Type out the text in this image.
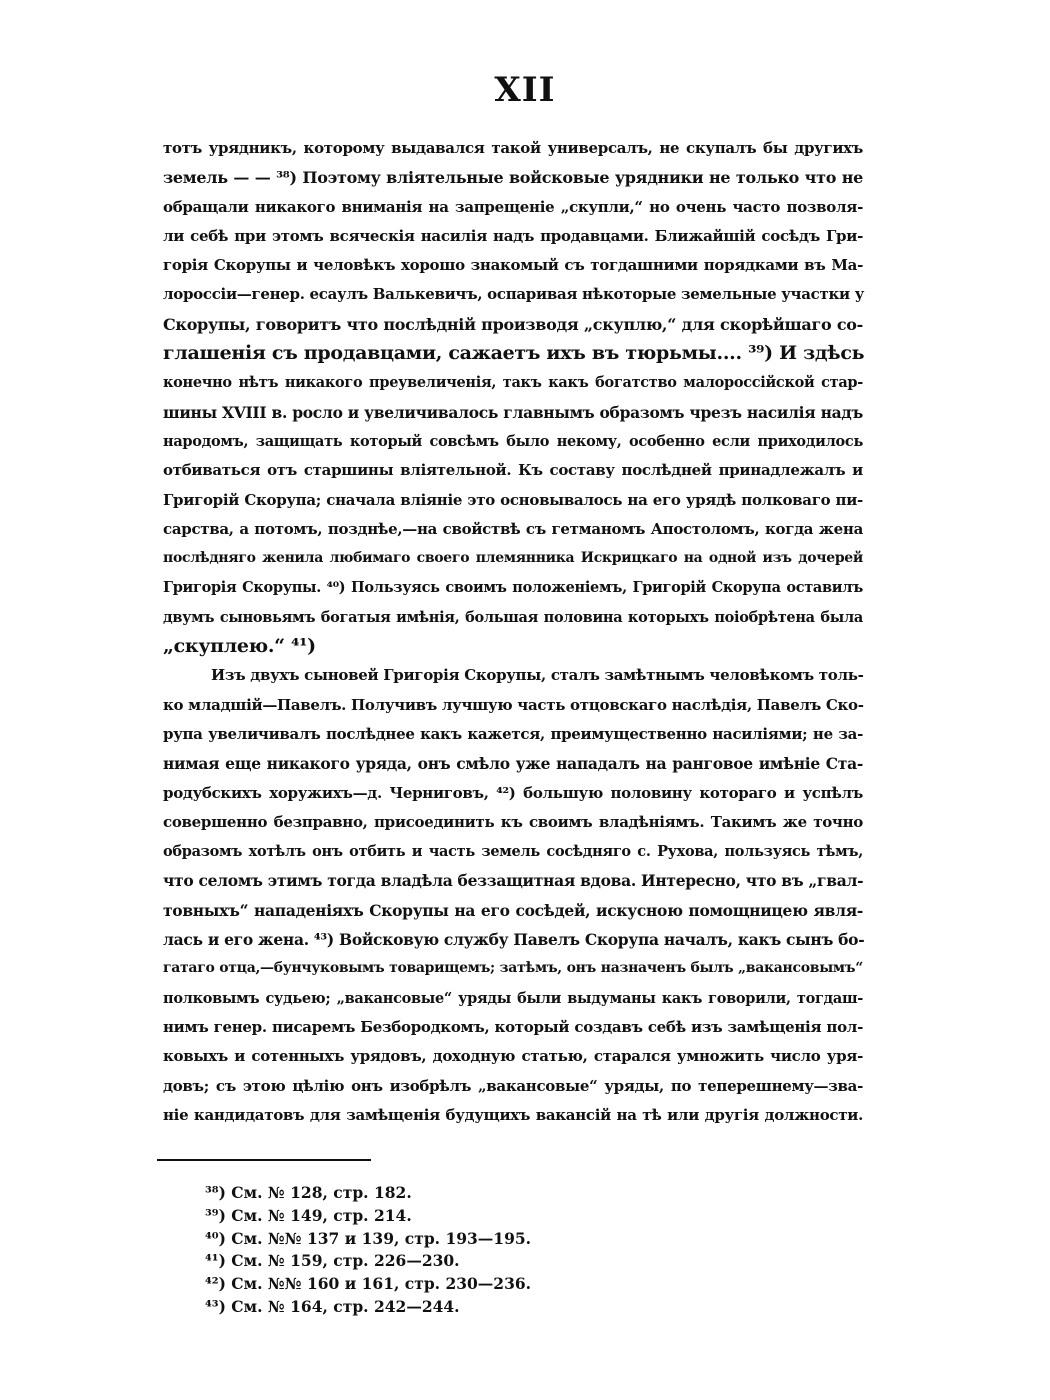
XII
тотъ урядникъ, которому выдавался такой универсалъ, не скупалъ бы другихъ
земель — — ³⁸) Поэтому влiятельные войсковые урядники не только что не
обращали никакого вниманiя на запрещенiе „скупли,“ но очень часто позволя-
ли себѣ при этомъ всяческiя насилiя надъ продавцами. Ближайшiй сосѣдъ Гри-
горiя Скорупы и человѣкъ хорошо знакомый съ тогдашними порядками въ Ма-
лороссiи—генер. есаулъ Валькевичъ, оспаривая нѣкоторые земельные участки у
Скорупы, говоритъ что послѣднiй производя „скуплю,“ для скорѣйшаго со-
глашенiя съ продавцами, сажаетъ ихъ въ тюрьмы.... ³⁹) И здѣсь
конечно нѣтъ никакого преувеличенiя, такъ какъ богатство малороссiйской стар-
шины XVIII в. росло и увеличивалось главнымъ образомъ чрезъ насилiя надъ
народомъ, защищать который совсѣмъ было некому, особенно если приходилось
отбиваться отъ старшины влiятельной. Къ составу послѣдней принадлежалъ и
Григорiй Скорупа; сначала влiянiе это основывалось на его урядѣ полковаго пи-
сарства, а потомъ, позднѣе,—на свойствѣ съ гетманомъ Апостоломъ, когда жена
послѣдняго женила любимаго своего племянника Искрицкаго на одной изъ дочерей
Григорiя Скорупы. ⁴⁰) Пользуясь своимъ положенiемъ, Григорiй Скорупа оставилъ
двумъ сыновьямъ богатыя имѣнiя, большая половина которыхъ пoioбрѣтена была
„скуплею.“ ⁴¹)
Изъ двухъ сыновей Григорiя Скорупы, сталъ замѣтнымъ человѣкомъ толь-
ко младшiй—Павелъ. Получивъ лучшую часть отцовскаго наслѣдiя, Павелъ Ско-
рупа увеличивалъ послѣднее какъ кажется, преимущественно насилiями; не за-
нимая еще никакого уряда, онъ смѣло уже нападалъ на ранговое имѣнiе Ста-
родубскихъ хоружихъ—д. Черниговъ, ⁴²) большую половину котораго и успѣлъ
совершенно безправно, присоединить къ своимъ владѣнiямъ. Такимъ же точно
образомъ хотѣлъ онъ отбить и часть земель сосѣдняго с. Рухова, пользуясь тѣмъ,
что селомъ этимъ тогда владѣла беззащитная вдова. Интересно, что въ „гвал-
товныхъ“ нападенiяхъ Скорупы на его сосѣдей, искусною помощницею явля-
лась и его жена. ⁴³) Войсковую службу Павелъ Скорупа началъ, какъ сынъ бо-
гатаго отца,—бунчуковымъ товарищемъ; затѣмъ, онъ назначенъ былъ „вакансовымъ“
полковымъ судьею; „вакансовые“ уряды были выдуманы какъ говорили, тогдаш-
нимъ генер. писаремъ Безбородкомъ, который создавъ себѣ изъ замѣщенiя пол-
ковыхъ и сотенныхъ урядовъ, доходную статью, старался умножить число уря-
довъ; съ этою цѣлiю онъ изобрѣлъ „вакансовые“ уряды, по теперешнему—зва-
нiе кандидатовъ для замѣщенiя будущихъ вакансiй на тѣ или другiя должности.
³⁸) См. № 128, стр. 182.
³⁹) См. № 149, стр. 214.
⁴⁰) См. №№ 137 и 139, стр. 193—195.
⁴¹) См. № 159, стр. 226—230.
⁴²) См. №№ 160 и 161, стр. 230—236.
⁴³) См. № 164, стр. 242—244.
